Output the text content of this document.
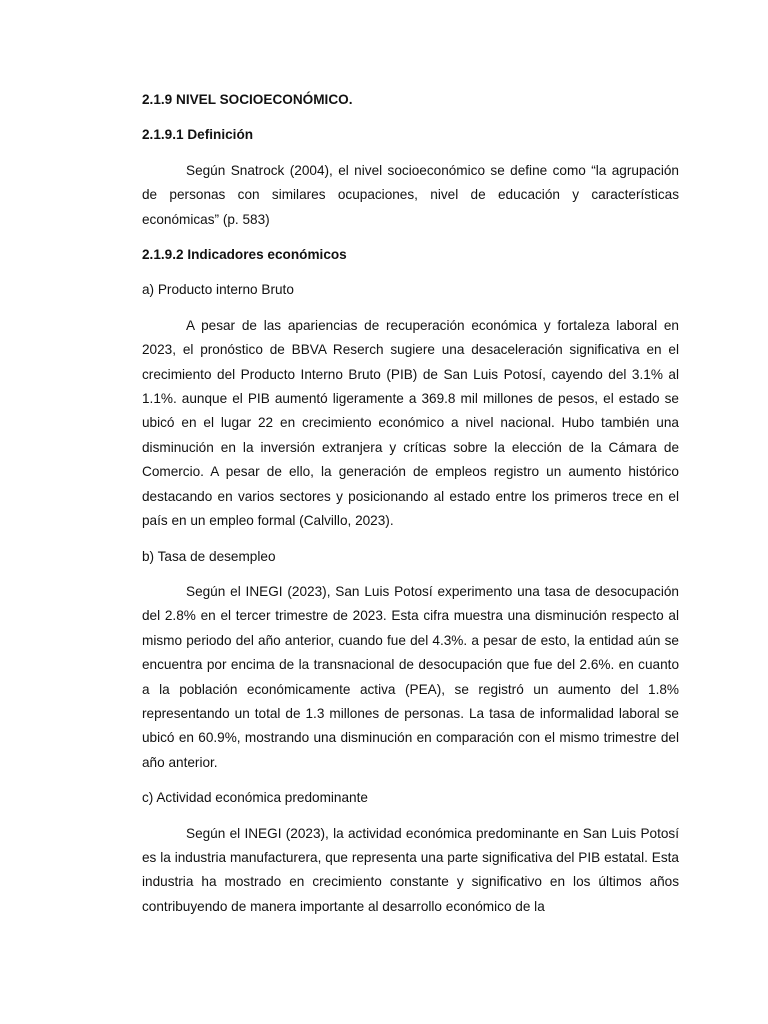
2.1.9 NIVEL SOCIOECONÓMICO.

2.1.9.1 Definición

Según Snatrock (2004), el nivel socioeconómico se define como “la agrupación de personas con similares ocupaciones, nivel de educación y características económicas” (p. 583)

2.1.9.2 Indicadores económicos

a) Producto interno Bruto

A pesar de las apariencias de recuperación económica y fortaleza laboral en 2023, el pronóstico de BBVA Reserch sugiere una desaceleración significativa en el crecimiento del Producto Interno Bruto (PIB) de San Luis Potosí, cayendo del 3.1% al 1.1%. aunque el PIB aumentó ligeramente a 369.8 mil millones de pesos, el estado se ubicó en el lugar 22 en crecimiento económico a nivel nacional. Hubo también una disminución en la inversión extranjera y críticas sobre la elección de la Cámara de Comercio. A pesar de ello, la generación de empleos registro un aumento histórico destacando en varios sectores y posicionando al estado entre los primeros trece en el país en un empleo formal (Calvillo, 2023).

b) Tasa de desempleo

Según el INEGI (2023), San Luis Potosí experimento una tasa de desocupación del 2.8% en el tercer trimestre de 2023. Esta cifra muestra una disminución respecto al mismo periodo del año anterior, cuando fue del 4.3%. a pesar de esto, la entidad aún se encuentra por encima de la transnacional de desocupación que fue del 2.6%. en cuanto a la población económicamente activa (PEA), se registró un aumento del 1.8% representando un total de 1.3 millones de personas. La tasa de informalidad laboral se ubicó en 60.9%, mostrando una disminución en comparación con el mismo trimestre del año anterior.

c) Actividad económica predominante

Según el INEGI (2023), la actividad económica predominante en San Luis Potosí es la industria manufacturera, que representa una parte significativa del PIB estatal. Esta industria ha mostrado en crecimiento constante y significativo en los últimos años contribuyendo de manera importante al desarrollo económico de la
